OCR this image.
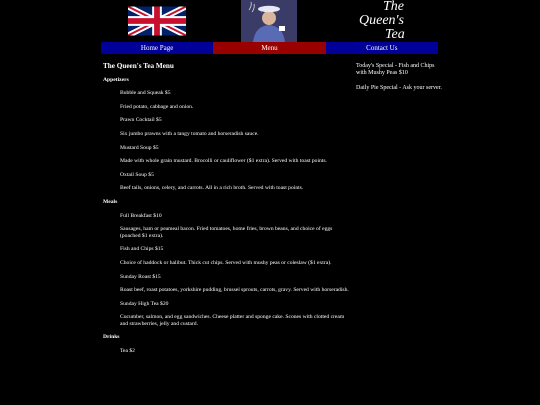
The
Queen's
Tea
Home Page	Menu	Contact Us
The Queen's Tea Menu
Appetizers
Bubble and Squeak $5
Fried potato, cabbage and onion.
Prawn Cocktail $5
Six jumbo prawns with a tangy tomato and horseradish sauce.
Mustard Soup $5
Made with whole grain mustard. Brocolli or cauliflower ($1 extra). Served with toast points.
Oxtail Soup $5
Beef tails, onions, celery, and carrots. All in a rich broth. Served with toast points.
Meals
Full Breakfast $10
Sausages, ham or peameal bacon. Fried tomatoes, home fries, brown beans, and choice of eggs (poached $1 extra).
Fish and Chips $15
Choice of haddock or halibut. Thick cut chips. Served with mushy peas or coleslaw ($1 extra).
Sunday Roast $15
Roast beef, roast potatoes, yorkshire pudding, brussel sprouts, carrots, gravy. Served with horseradish.
Sunday High Tea $20
Cucumber, salmon, and egg sandwiches. Cheese platter and sponge cake. Scones with clotted cream and strawberries, jelly and custard.
Drinks
Tea $2

Today's Special - Fish and Chips with Mushy Peas $10

Daily Pie Special - Ask your server.
